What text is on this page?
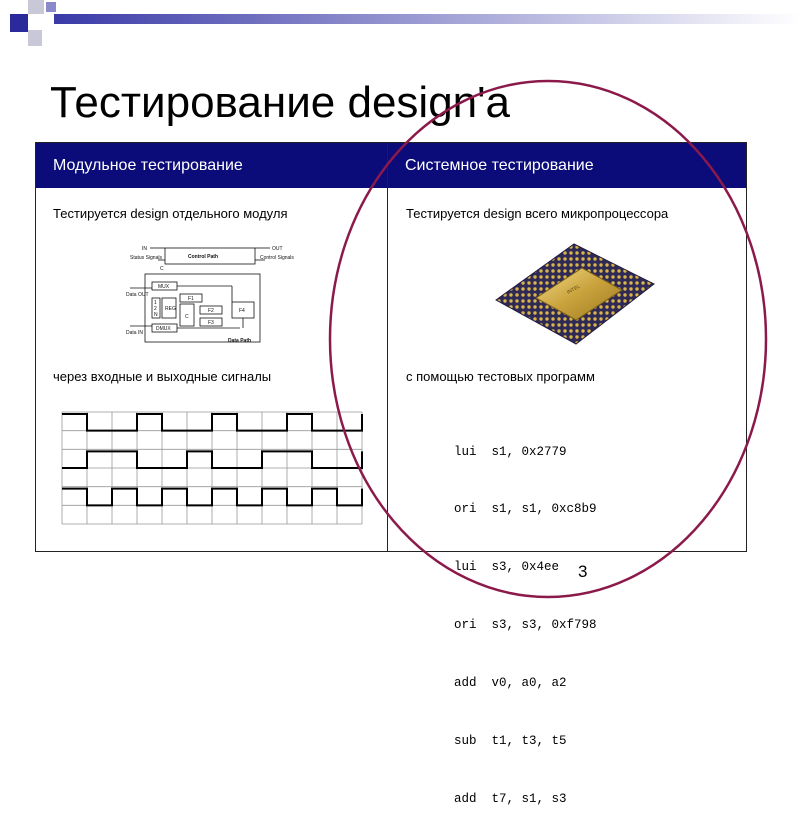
Тестирование design'а
Модульное тестирование	Системное тестирование
Тестируется design отдельного модуля	Тестируется design всего микропроцессора
через входные и выходные сигналы	с помощью тестовых программ
IN	OUT
Control Path
Status Signals	Control Signals
C
Data OUT
Data IN
MUX
REG
C
F1
F2
F3
F4
DMUX
Data Path
1
2
N
INTEL

lui  s1, 0x2779

ori  s1, s1, 0xc8b9

lui  s3, 0x4ee

ori  s3, s3, 0xf798

add  v0, a0, a2

sub  t1, t3, t5

add  t7, s1, s3

3
